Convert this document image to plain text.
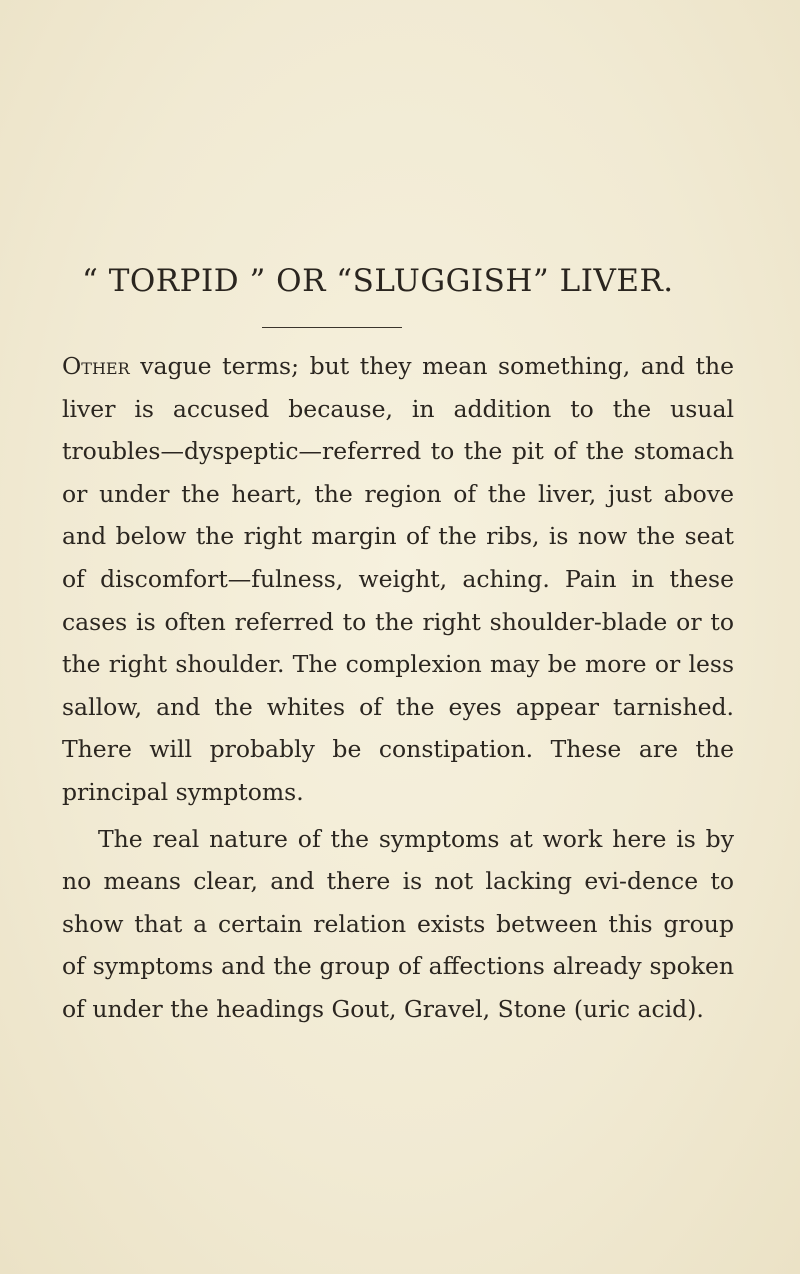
“ TORPID ” OR “SLUGGISH” LIVER.

Other vague terms; but they mean something, and the liver is accused because, in addition to the usual troubles—dyspeptic—referred to the pit of the stomach or under the heart, the region of the liver, just above and below the right margin of the ribs, is now the seat of discomfort—fulness, weight, aching. Pain in these cases is often referred to the right shoulder-blade or to the right shoulder. The complexion may be more or less sallow, and the whites of the eyes appear tarnished. There will probably be constipation. These are the principal symptoms.

The real nature of the symptoms at work here is by no means clear, and there is not lacking evi-dence to show that a certain relation exists between this group of symptoms and the group of affections already spoken of under the headings Gout, Gravel, Stone (uric acid).
